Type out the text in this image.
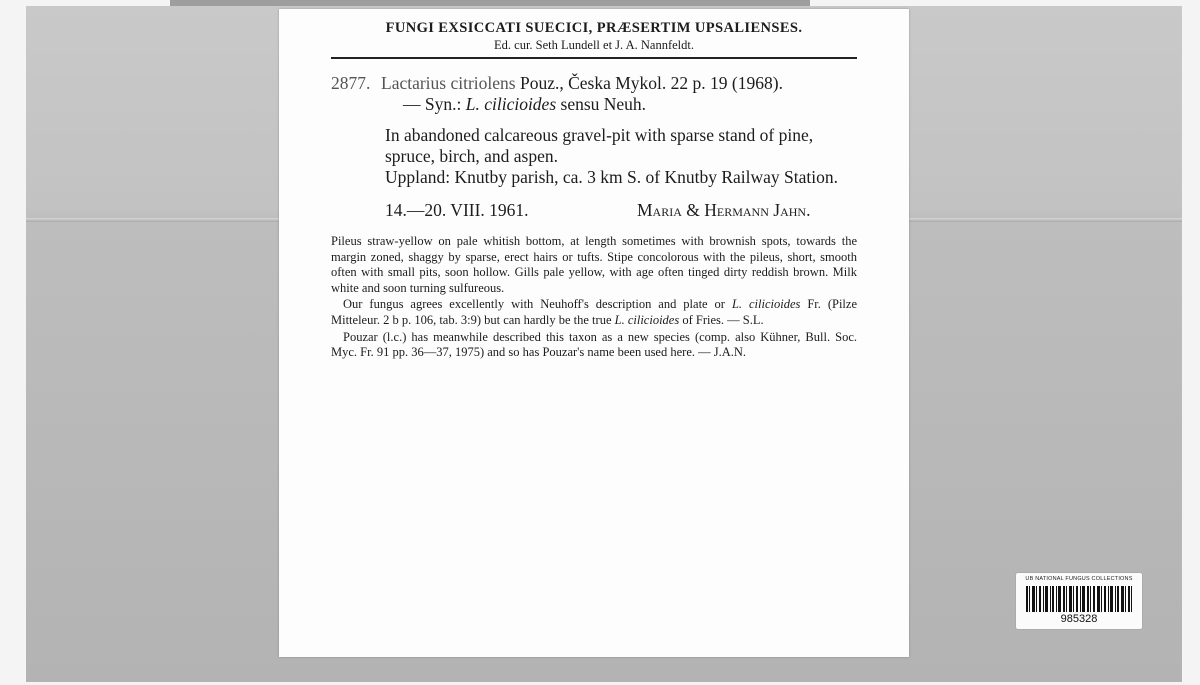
FUNGI EXSICCATI SUECICI, PRÆSERTIM UPSALIENSES.
Ed. cur. Seth Lundell et J. A. Nannfeldt.
2877. Lactarius citriolens Pouz., Česka Mykol. 22 p. 19 (1968).
— Syn.: L. cilicioides sensu Neuh.
In abandoned calcareous gravel-pit with sparse stand of pine, spruce, birch, and aspen.
Uppland: Knutby parish, ca. 3 km S. of Knutby Railway Station.
14.—20. VIII. 1961.	Maria & Hermann Jahn.

Pileus straw-yellow on pale whitish bottom, at length sometimes with brownish spots, towards the margin zoned, shaggy by sparse, erect hairs or tufts. Stipe concolorous with the pileus, short, smooth often with small pits, soon hollow. Gills pale yellow, with age often tinged dirty reddish brown. Milk white and soon turning sulfureous.

Our fungus agrees excellently with Neuhoff's description and plate or L. cilicioides Fr. (Pilze Mitteleur. 2 b p. 106, tab. 3:9) but can hardly be the true L. cilicioides of Fries. — S.L.

Pouzar (l.c.) has meanwhile described this taxon as a new species (comp. also Kühner, Bull. Soc. Myc. Fr. 91 pp. 36—37, 1975) and so has Pouzar's name been used here. — J.A.N.

UB NATIONAL FUNGUS COLLECTIONS
985328
